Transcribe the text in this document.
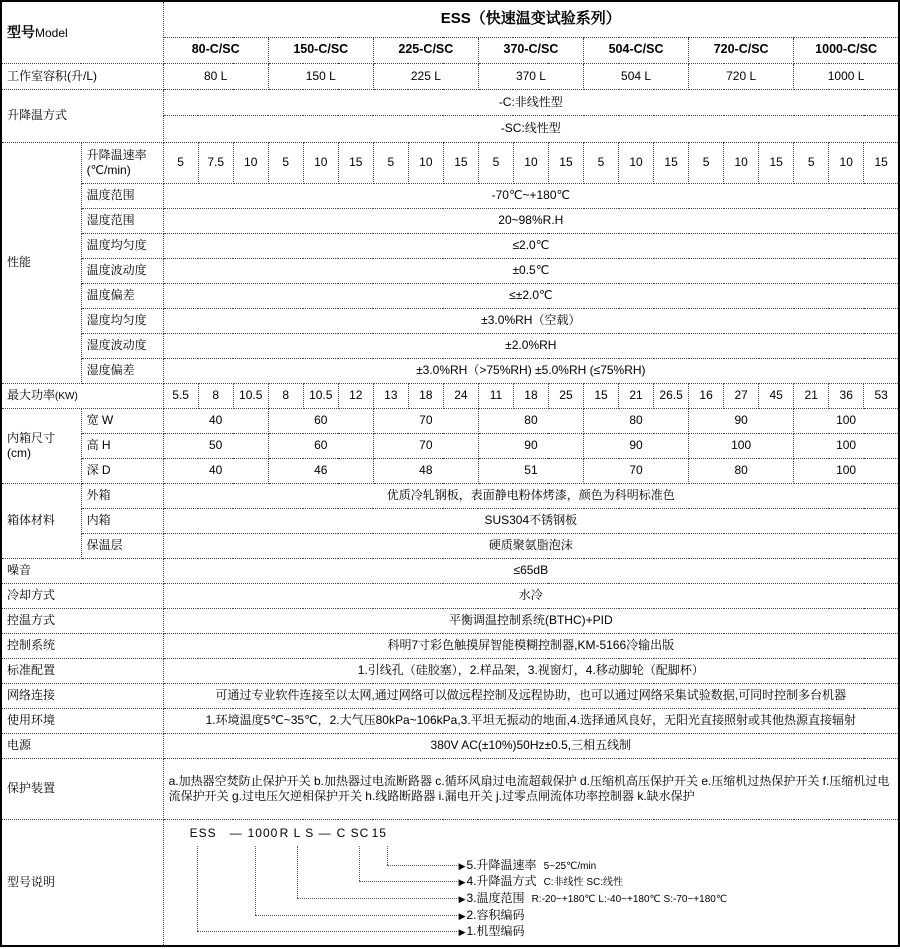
型号Model		ESS（快速温变试验系列）																				
		80-C/SC			150-C/SC			225-C/SC			370-C/SC			504-C/SC			720-C/SC			1000-C/SC		
工作室容积(升/L)		80 L			150 L			225 L			370 L			504 L			720 L			1000 L		
升降温方式		-C:非线性型																				
		-SC:线性型																				
性能	升降温速率
(℃/min)	5	7.5	10	5	10	15	5	10	15	5	10	15	5	10	15	5	10	15	5	10	15
	温度范围	-70℃~+180℃																				
	湿度范围	20~98%R.H																				
	温度均匀度	≤2.0℃																				
	温度波动度	±0.5℃																				
	温度偏差	≤±2.0℃																				
	湿度均匀度	±3.0%RH（空载）																				
	湿度波动度	±2.0%RH																				
	湿度偏差	±3.0%RH（>75%RH) ±5.0%RH (≤75%RH)																				
最大功率(KW)		5.5	8	10.5	8	10.5	12	13	18	24	11	18	25	15	21	26.5	16	27	45	21	36	53
内箱尺寸
(cm)	宽 W	40			60			70			80			80			90			100		
	高 H	50			60			70			90			90			100			100		
	深 D	40			46			48			51			70			80			100		
箱体材料	外箱	优质冷轧钢板，表面静电粉体烤漆，颜色为科明标准色																				
	内箱	SUS304不锈钢板																				
	保温层	硬质聚氨脂泡沫																				
噪音		≤65dB																				
冷却方式		水冷																				
控温方式		平衡调温控制系统(BTHC)+PID																				
控制系统		科明7寸彩色触摸屏智能模糊控制器,KM-5166冷输出版																				
标准配置		1.引线孔（硅胶塞），2.样品架，3.视窗灯，4.移动脚轮（配脚杯）																				
网络连接		可通过专业软件连接至以太网,通过网络可以做远程控制及远程协助，也可以通过网络采集试验数据,可同时控制多台机器																				
使用环境		1.环境温度5℃~35℃，2.大气压80kPa~106kPa,3.平坦无振动的地面,4.选择通风良好，无阳光直接照射或其他热源直接辐射																				
电源		380V AC(±10%)50Hz±0.5,三相五线制																				
保护装置		a.加热器空焚防止保护开关 b.加热器过电流断路器 c.循环风扇过电流超载保护 d.压缩机高压保护开关 e.压缩机过热保护开关 f.压缩机过电流保护开关 g.过电压欠逆相保护开关 h.线路断路器 i.漏电开关 j.过零点闸流体功率控制器 k.缺水保护																				
型号说明	
ESS — 1000 R L S — C SC 15
▶5.升降温速率 5~25℃/min
▶4.升降温方式 C:非线性 SC:线性
▶3.温度范围 R:-20~+180℃ L:-40~+180℃ S:-70~+180℃
▶2.容积编码
▶1.机型编码
